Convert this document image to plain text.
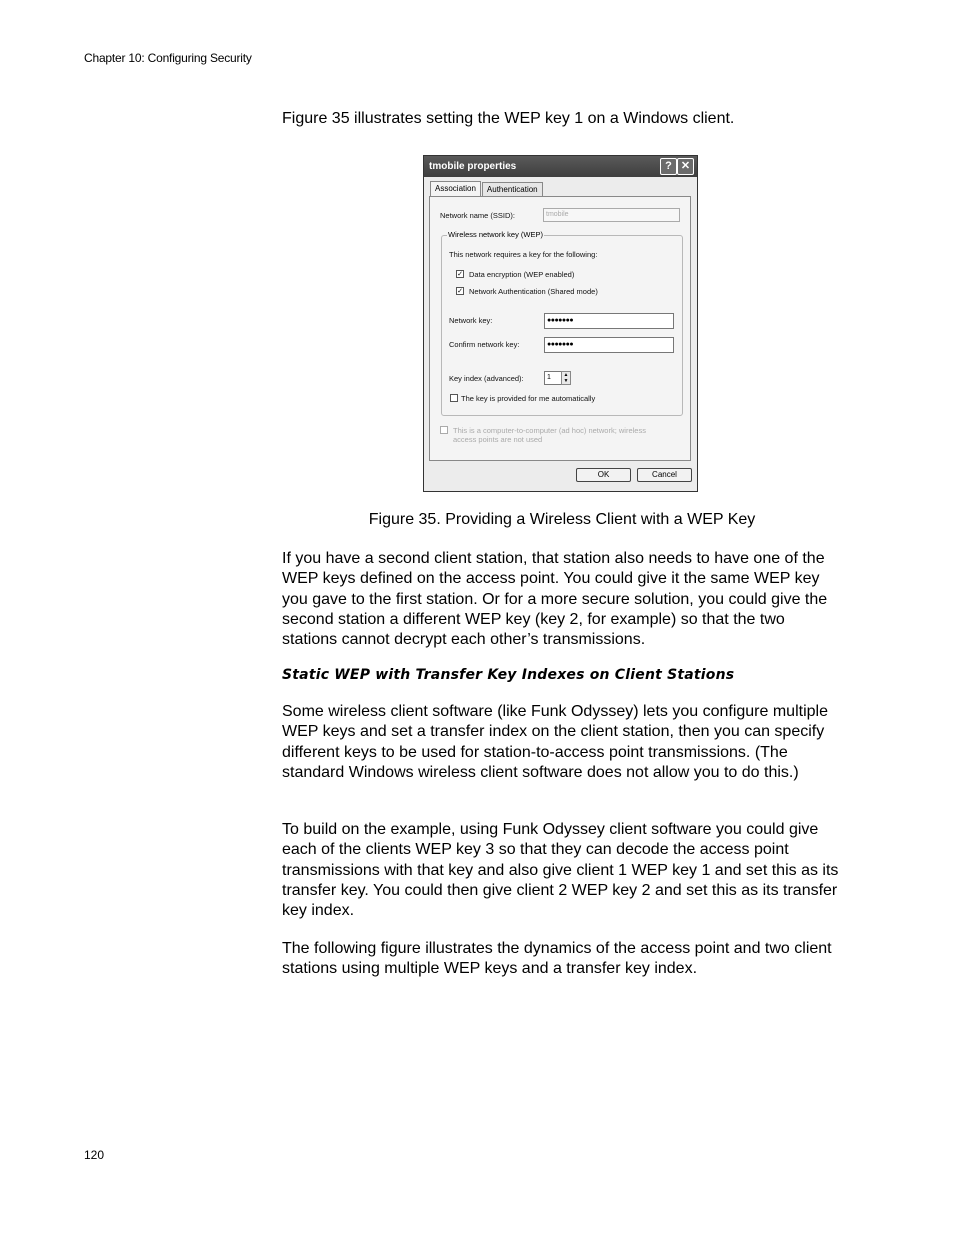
Chapter 10: Configuring Security
Figure 35 illustrates setting the WEP key 1 on a Windows client.
tmobile properties	? ✕
Association	Authentication
Network name (SSID):	tmobile
Wireless network key (WEP)
This network requires a key for the following:
✓ Data encryption (WEP enabled)
✓ Network Authentication (Shared mode)
Network key:	●●●●●●●
Confirm network key:	●●●●●●●
Key index (advanced):	1	▲
▼
The key is provided for me automatically
This is a computer-to-computer (ad hoc) network; wireless
access points are not used
OK	Cancel
Figure 35. Providing a Wireless Client with a WEP Key
If you have a second client station, that station also needs to have one of the WEP keys defined on the access point. You could give it the same WEP key you gave to the first station. Or for a more secure solution, you could give the second station a different WEP key (key 2, for example) so that the two stations cannot decrypt each other’s transmissions.
Static WEP with Transfer Key Indexes on Client Stations
Some wireless client software (like Funk Odyssey) lets you configure multiple WEP keys and set a transfer index on the client station, then you can specify different keys to be used for station-to-access point transmissions. (The standard Windows wireless client software does not allow you to do this.)
To build on the example, using Funk Odyssey client software you could give each of the clients WEP key 3 so that they can decode the access point transmissions with that key and also give client 1 WEP key 1 and set this as its transfer key. You could then give client 2 WEP key 2 and set this as its transfer key index.
The following figure illustrates the dynamics of the access point and two client stations using multiple WEP keys and a transfer key index.
120
